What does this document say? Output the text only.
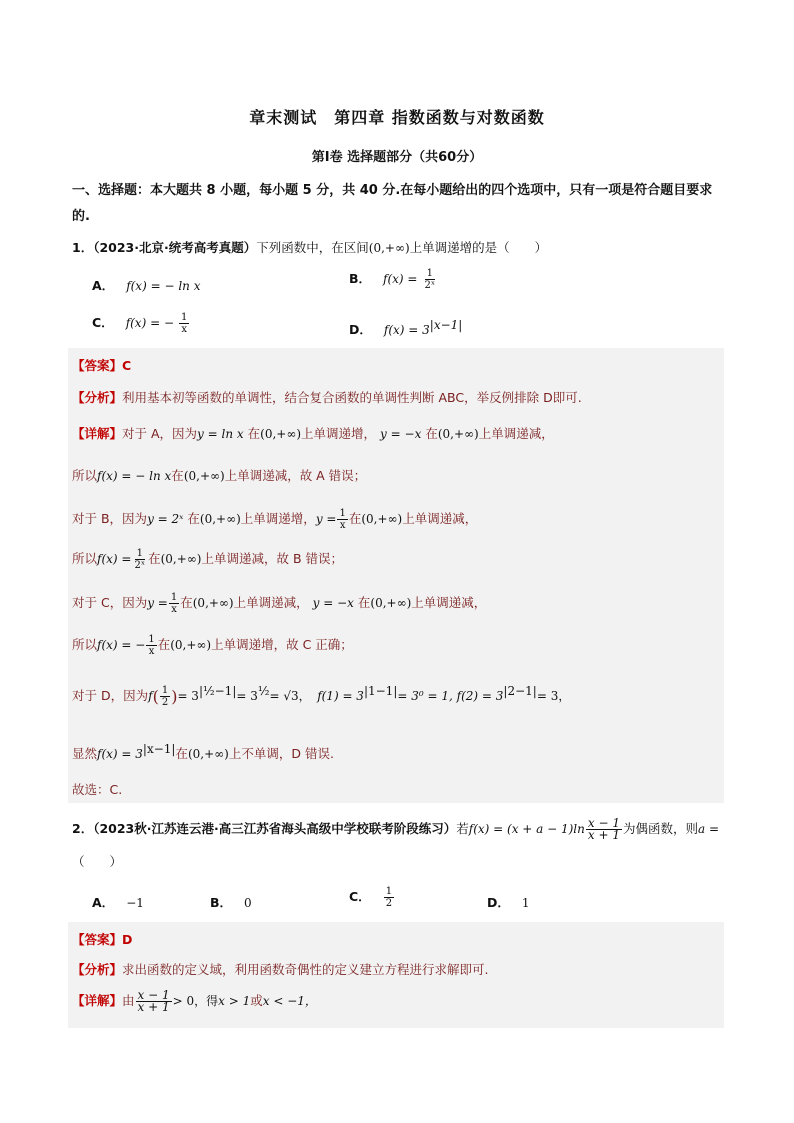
章末测试　第四章 指数函数与对数函数
第Ⅰ卷 选择题部分（共60分）
一、选择题：本大题共 8 小题，每小题 5 分，共 40 分.在每小题给出的四个选项中，只有一项是符合题目要求的.
1．（2023·北京·统考高考真题）下列函数中，在区间(0,+∞)上单调递增的是（　　）
A． f(x) = − ln x	B． $f(x) = \frac{1}{\text{2ˣ}}$
C． f(x) = − $\frac{1}{x}$	D． $f(x) = 3^{|x-1|}$
【答案】C
【分析】利用基本初等函数的单调性，结合复合函数的单调性判断 ABC，举反例排除 D即可.
【详解】对于 A，因为y = ln x 在(0,+∞)上单调递增， y = −x 在(0,+∞)上单调递减，
所以f(x) = − ln x在(0,+∞)上单调递减，故 A 错误；
对于 B，因为y = 2ˣ 在(0,+∞)上单调递增，$y = \frac{1}{x}$ 在(0,+∞)上单调递减，
所以$f(x) = \frac{1}{\text{2ˣ}}$ 在(0,+∞)上单调递减，故 B 错误；
对于 C，因为$y = \frac{1}{x}$ 在(0,+∞)上单调递减， y = −x 在(0,+∞)上单调递减，
所以f(x) = − $\frac{1}{x}$ 在(0,+∞)上单调递增，故 C 正确；
对于 D，因为$f( \frac{1}{2}$ )= $3^{|\frac{1}{2}-1|}= 3^{\frac{1}{2}}= √3$，　 $f(1) = 3^{|1-1|}= 3^0 = 1$, $f(2) = 3^{|2-1|}= 3$，
显然$f(x) = 3^{|x-1|}$在(0,+∞)上不单调，D 错误.
故选：C.
2．（2023秋·江苏连云港·高三江苏省海头高级中学校联考阶段练习）若$f(x) = (x + a - 1)\ln \frac{x - 1}{x + 1}$ 为偶函数，则a =
（　　）
A． −1	B． 0	C． $\frac{1}{2}$	D． 1
【答案】D
【分析】求出函数的定义域，利用函数奇偶性的定义建立方程进行求解即可.
【详解】由 $\frac{x - 1}{x + 1} > 0$，得x > 1或x < −1，
